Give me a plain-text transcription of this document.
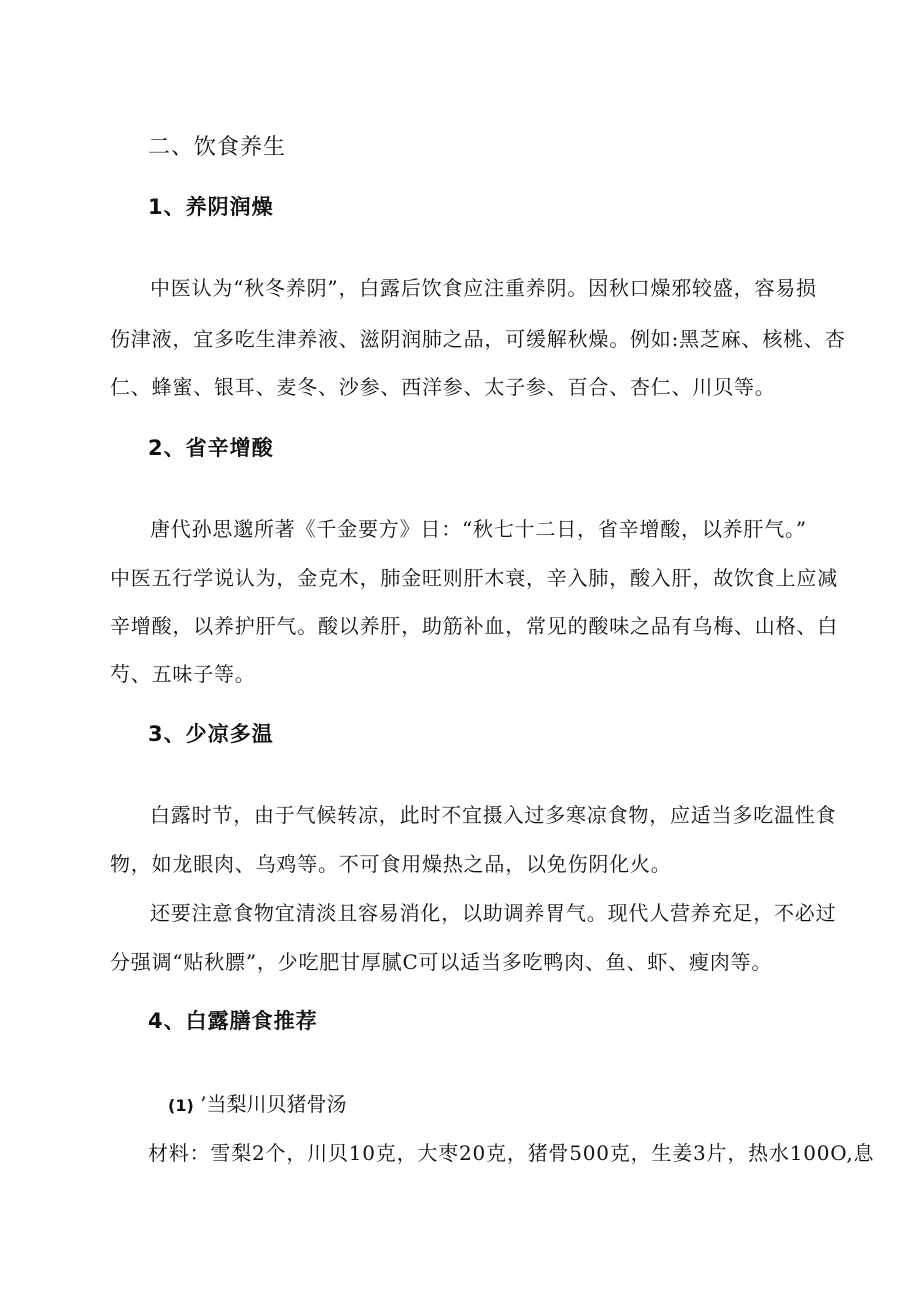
二、饮食养生
1、养阴润燥
中医认为“秋冬养阴”，白露后饮食应注重养阴。因秋口燥邪较盛，容易损
伤津液，宜多吃生津养液、滋阴润肺之品，可缓解秋燥。例如:黑芝麻、核桃、杏
仁、蜂蜜、银耳、麦冬、沙参、西洋参、太子参、百合、杏仁、川贝等。
2、省辛增酸
唐代孙思邈所著《千金要方》日：“秋七十二日，省辛增酸，以养肝气。”
中医五行学说认为，金克木，肺金旺则肝木衰，辛入肺，酸入肝，故饮食上应减
辛增酸，以养护肝气。酸以养肝，助筋补血，常见的酸味之品有乌梅、山格、白
芍、五味子等。
3、少凉多温
白露时节，由于气候转凉，此时不宜摄入过多寒凉食物，应适当多吃温性食
物，如龙眼肉、乌鸡等。不可食用燥热之品，以免伤阴化火。
还要注意食物宜清淡且容易消化，以助调养胃气。现代人营养充足，不必过
分强调“贴秋膘”，少吃肥甘厚腻C可以适当多吃鸭肉、鱼、虾、瘦肉等。
4、白露膳食推荐
(1) ’当梨川贝猪骨汤
材料：雪梨2个，川贝10克，大枣20克，猪骨500克，生姜3片，热水100O,息
